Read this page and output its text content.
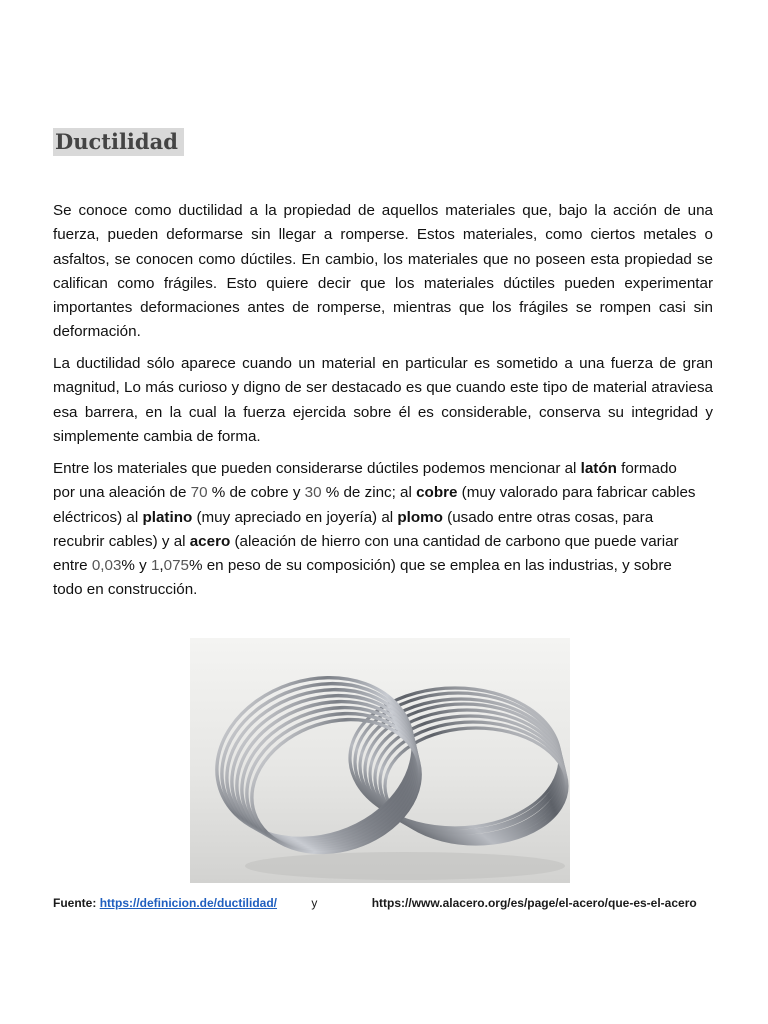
Ductilidad

Se conoce como ductilidad a la propiedad de aquellos materiales que, bajo la acción de una fuerza, pueden deformarse sin llegar a romperse. Estos materiales, como ciertos metales o asfaltos, se conocen como dúctiles. En cambio, los materiales que no poseen esta propiedad se califican como frágiles. Esto quiere decir que los materiales dúctiles pueden experimentar importantes deformaciones antes de romperse, mientras que los frágiles se rompen casi sin deformación.

La ductilidad sólo aparece cuando un material en particular es sometido a una fuerza de gran magnitud, Lo más curioso y digno de ser destacado es que cuando este tipo de material atraviesa esa barrera, en la cual la fuerza ejercida sobre él es considerable, conserva su integridad y simplemente cambia de forma.

Entre los materiales que pueden considerarse dúctiles podemos mencionar al latón formado por una aleación de 70 % de cobre y 30 % de zinc; al cobre (muy valorado para fabricar cables eléctricos) al platino (muy apreciado en joyería) al plomo (usado entre otras cosas, para recubrir cables) y al acero (aleación de hierro con una cantidad de carbono que puede variar entre 0,03% y 1,075% en peso de su composición) que se emplea en las industrias, y sobre todo en construcción.

Fuente: https://definicion.de/ductilidad/	y	https://www.alacero.org/es/page/el-acero/que-es-el-acero
